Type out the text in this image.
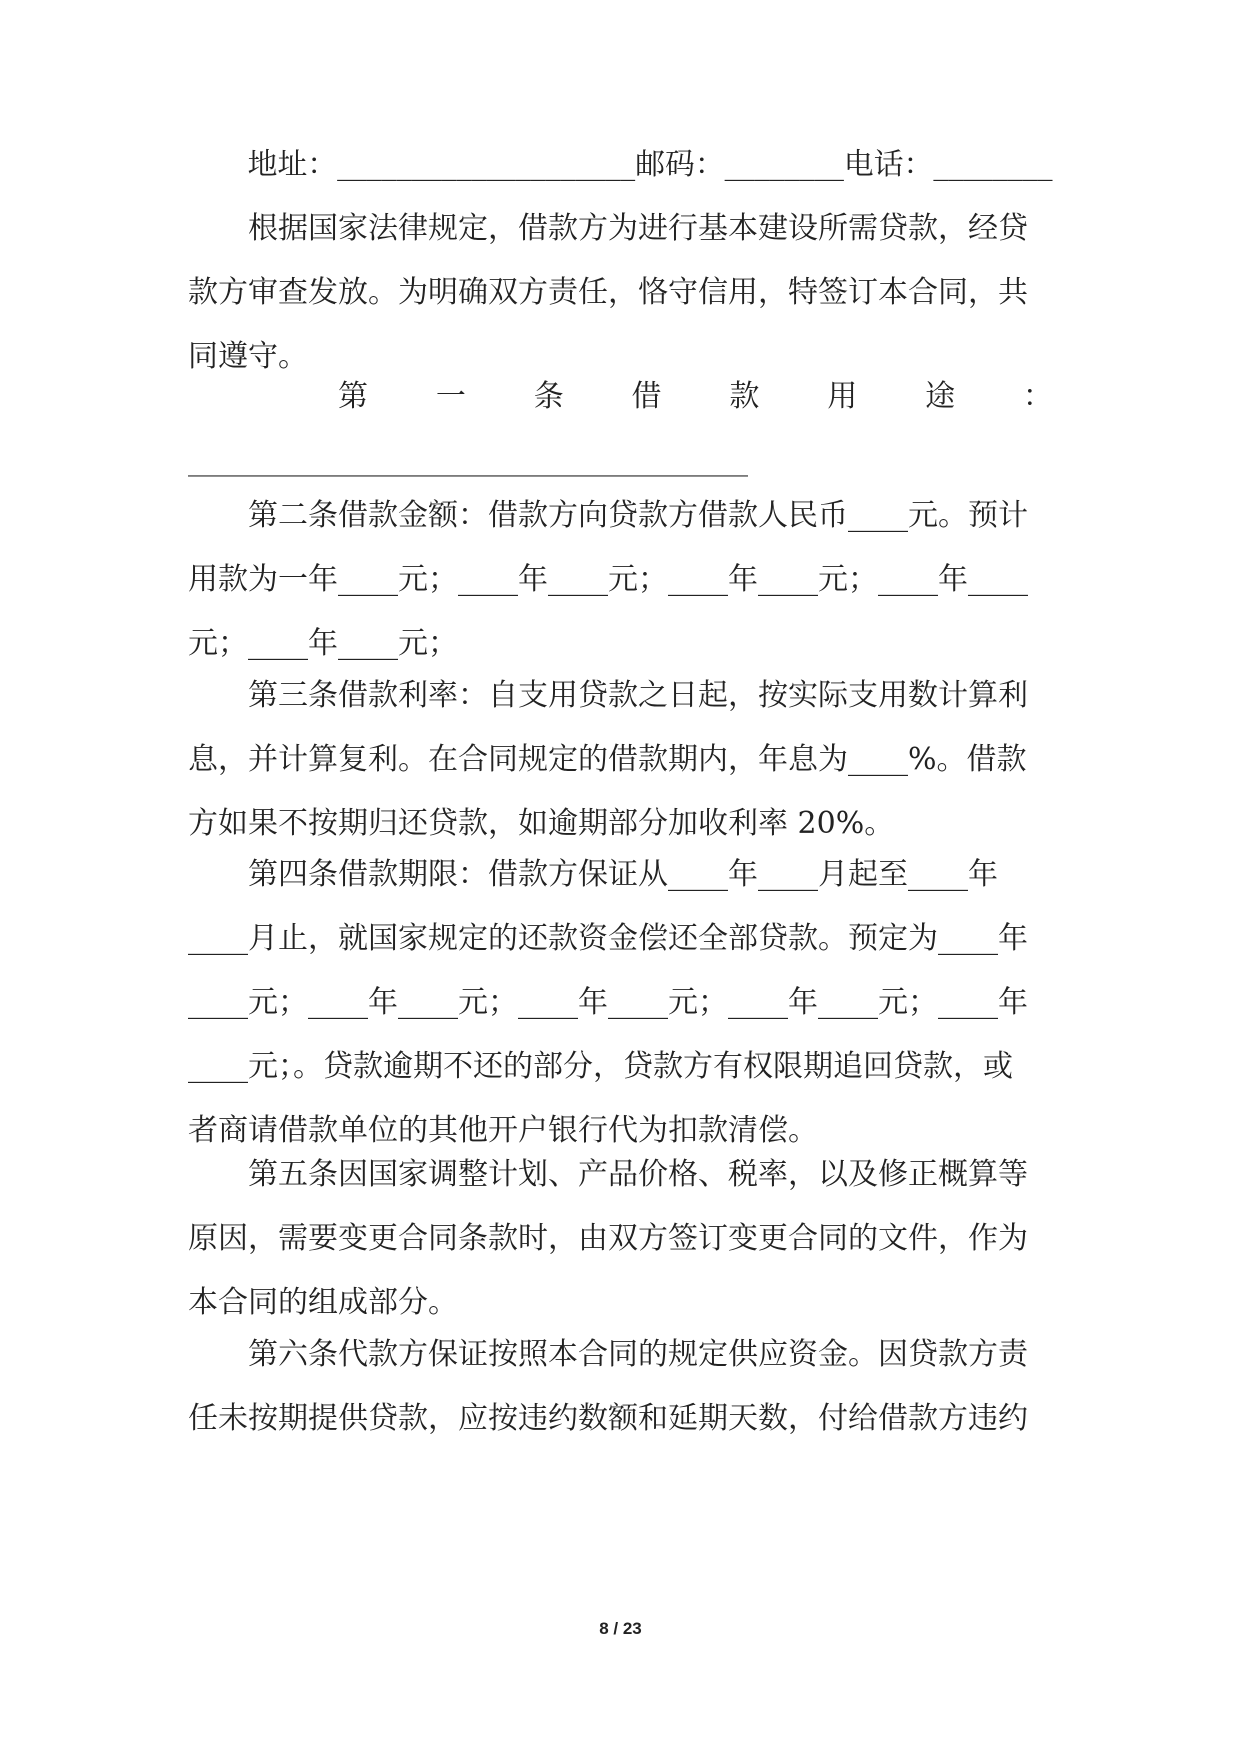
　　地址：____________________邮码：________电话：________
　　根据国家法律规定，借款方为进行基本建设所需贷款，经贷
款方审查发放。为明确双方责任，恪守信用，特签订本合同，共
同遵守。
第 一 条 借 款 用 途 ：
________________________________________
　　第二条借款金额：借款方向贷款方借款人民币____元。预计
用款为一年____元；____年____元；____年____元；____年____
元；____年____元；
　　第三条借款利率：自支用贷款之日起，按实际支用数计算利
息，并计算复利。在合同规定的借款期内，年息为____%。借款
方如果不按期归还贷款，如逾期部分加收利率 20%。
　　第四条借款期限：借款方保证从____年____月起至____年
____月止，就国家规定的还款资金偿还全部贷款。预定为____年
____元；____年____元；____年____元；____年____元；____年
____元；。贷款逾期不还的部分，贷款方有权限期追回贷款，或
者商请借款单位的其他开户银行代为扣款清偿。
　　第五条因国家调整计划、产品价格、税率，以及修正概算等
原因，需要变更合同条款时，由双方签订变更合同的文件，作为
本合同的组成部分。
　　第六条代款方保证按照本合同的规定供应资金。因贷款方责
任未按期提供贷款，应按违约数额和延期天数，付给借款方违约
8 / 23
